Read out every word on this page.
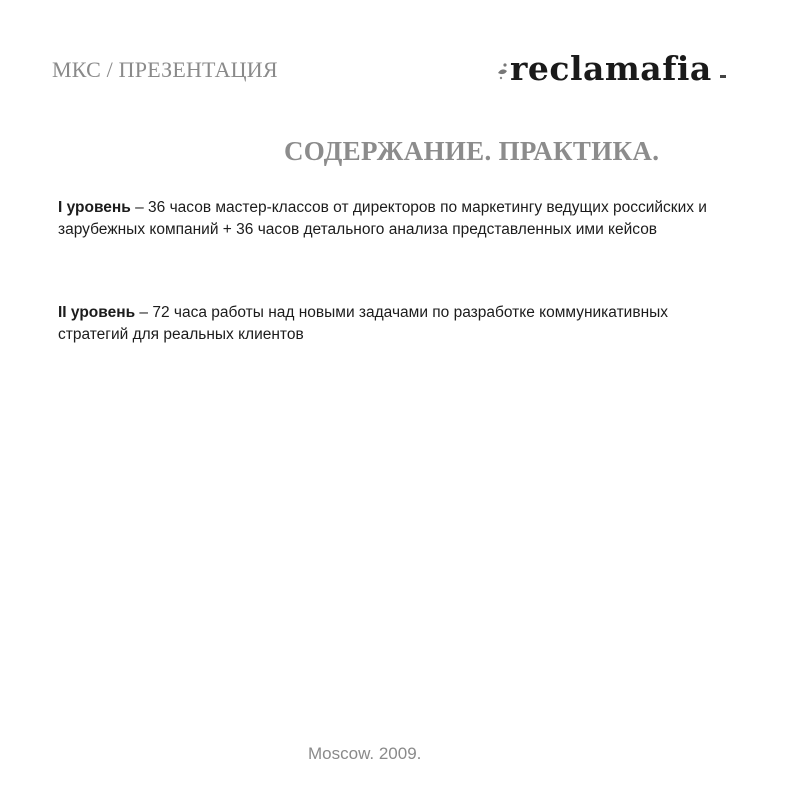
МКС / ПРЕЗЕНТАЦИЯ	reclamafia
СОДЕРЖАНИЕ. ПРАКТИКА.
I уровень – 36 часов мастер-классов от директоров по маркетингу ведущих российских и зарубежных компаний + 36 часов детального анализа представленных ими кейсов
II уровень – 72 часа работы над новыми задачами по разработке коммуникативных стратегий для реальных клиентов
Moscow. 2009.
